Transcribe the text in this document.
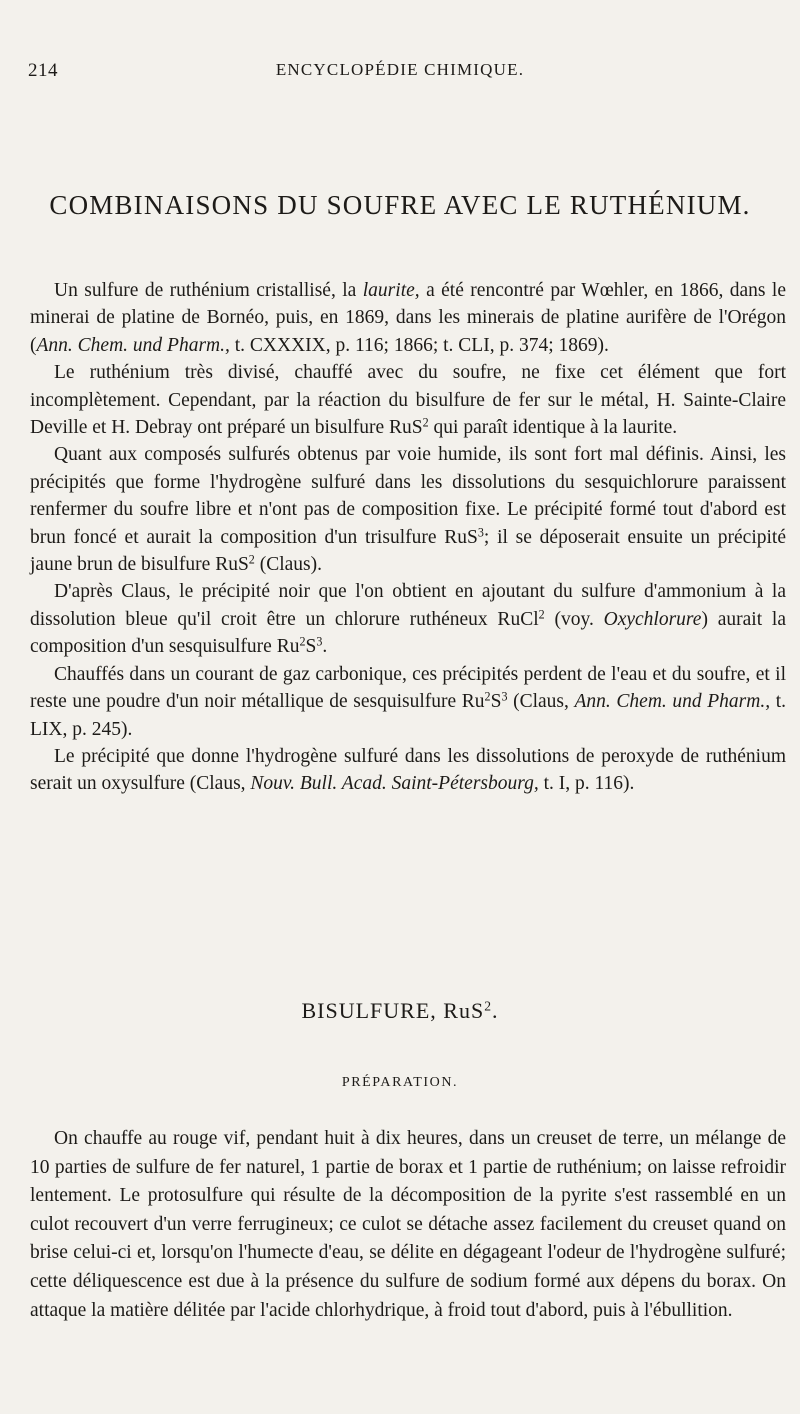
214	ENCYCLOPÉDIE CHIMIQUE.
COMBINAISONS DU SOUFRE AVEC LE RUTHÉNIUM.

Un sulfure de ruthénium cristallisé, la laurite, a été rencontré par Wœhler, en 1866, dans le minerai de platine de Bornéo, puis, en 1869, dans les minerais de platine aurifère de l'Orégon (Ann. Chem. und Pharm., t. CXXXIX, p. 116; 1866; t. CLI, p. 374; 1869).

Le ruthénium très divisé, chauffé avec du soufre, ne fixe cet élément que fort incomplètement. Cependant, par la réaction du bisulfure de fer sur le métal, H. Sainte-Claire Deville et H. Debray ont préparé un bisulfure RuS$^2$ qui paraît identique à la laurite.

Quant aux composés sulfurés obtenus par voie humide, ils sont fort mal définis. Ainsi, les précipités que forme l'hydrogène sulfuré dans les dissolutions du sesquichlorure paraissent renfermer du soufre libre et n'ont pas de composition fixe. Le précipité formé tout d'abord est brun foncé et aurait la composition d'un trisulfure RuS$^3$; il se déposerait ensuite un précipité jaune brun de bisulfure RuS$^2$ (Claus).

D'après Claus, le précipité noir que l'on obtient en ajoutant du sulfure d'ammonium à la dissolution bleue qu'il croit être un chlorure ruthéneux RuCl$^2$ (voy. Oxychlorure) aurait la composition d'un sesquisulfure $Ru^2S^3$.

Chauffés dans un courant de gaz carbonique, ces précipités perdent de l'eau et du soufre, et il reste une poudre d'un noir métallique de sesquisulfure $Ru^2S^3$ (Claus, Ann. Chem. und Pharm., t. LIX, p. 245).

Le précipité que donne l'hydrogène sulfuré dans les dissolutions de peroxyde de ruthénium serait un oxysulfure (Claus, Nouv. Bull. Acad. Saint-Pétersbourg, t. I, p. 116).

BISULFURE, RuS$^2$.
PRÉPARATION.

On chauffe au rouge vif, pendant huit à dix heures, dans un creuset de terre, un mélange de 10 parties de sulfure de fer naturel, 1 partie de borax et 1 partie de ruthénium; on laisse refroidir lentement. Le protosulfure qui résulte de la décomposition de la pyrite s'est rassemblé en un culot recouvert d'un verre ferrugineux; ce culot se détache assez facilement du creuset quand on brise celui-ci et, lorsqu'on l'humecte d'eau, se délite en dégageant l'odeur de l'hydrogène sulfuré; cette déliquescence est due à la présence du sulfure de sodium formé aux dépens du borax. On attaque la matière délitée par l'acide chlorhydrique, à froid tout d'abord, puis à l'ébullition.
